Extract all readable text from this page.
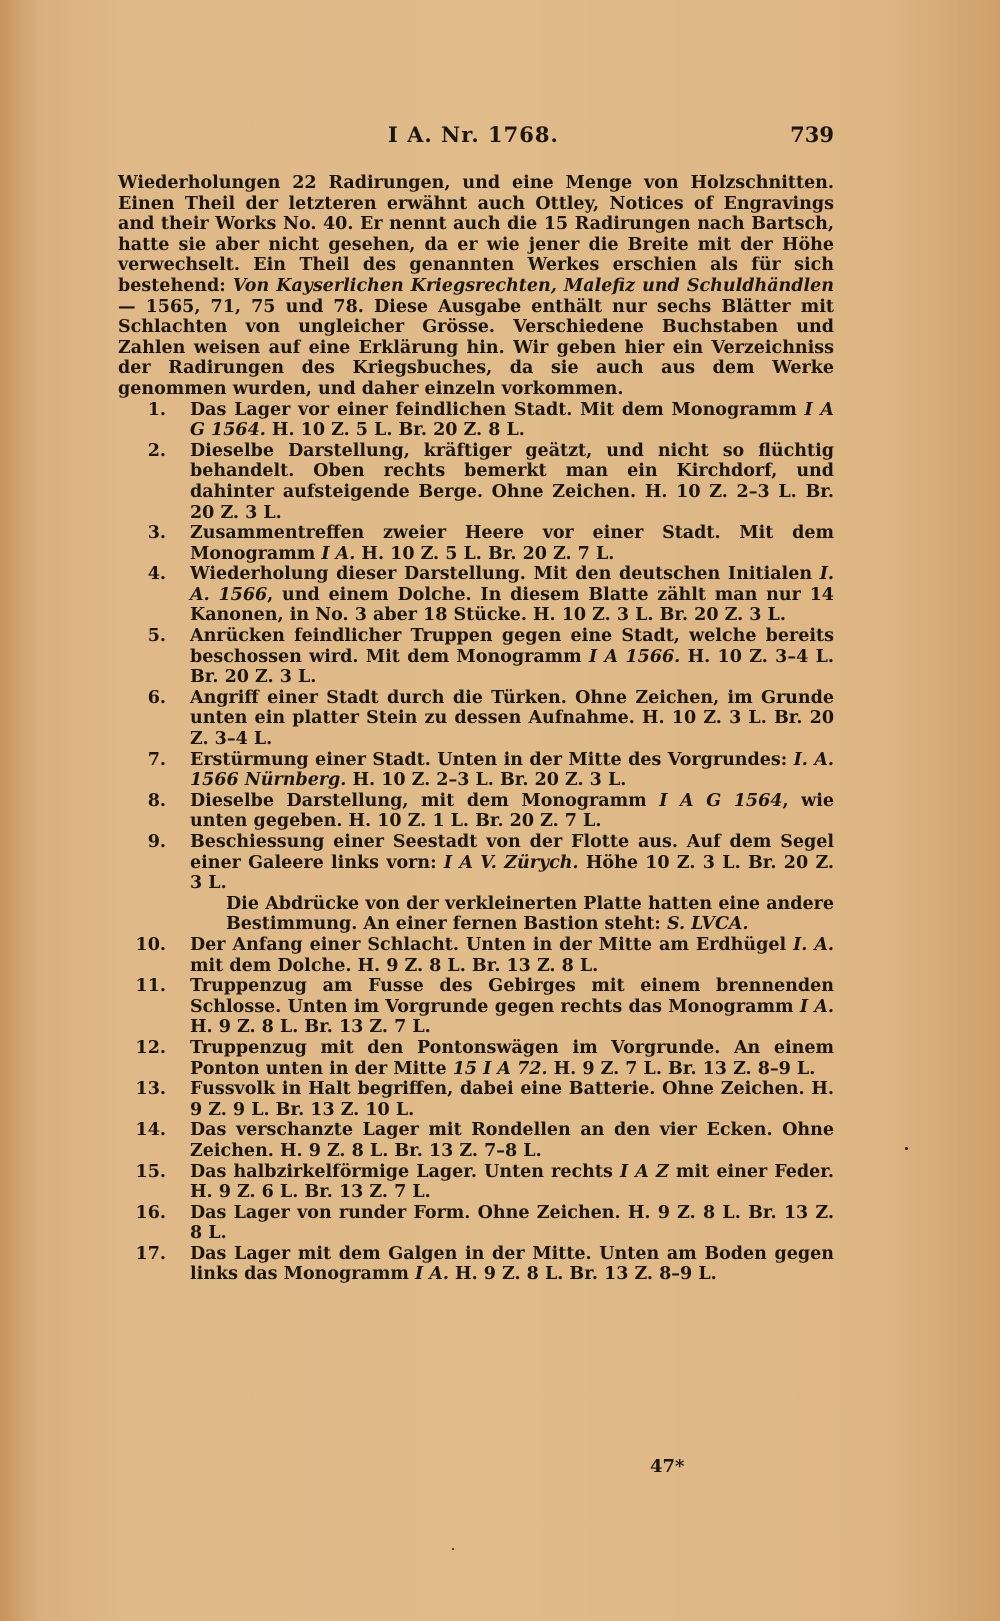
I A. Nr. 1768.	739

Wiederholungen 22 Radirungen, und eine Menge von Holzschnitten. Einen Theil der letzteren erwähnt auch Ottley, Notices of Engravings and their Works No. 40. Er nennt auch die 15 Radirungen nach Bartsch, hatte sie aber nicht gesehen, da er wie jener die Breite mit der Höhe verwechselt. Ein Theil des genannten Werkes erschien als für sich bestehend: Von Kayserlichen Kriegsrechten, Malefiz und Schuldhändlen — 1565, 71, 75 und 78. Diese Ausgabe enthält nur sechs Blätter mit Schlachten von ungleicher Grösse. Verschiedene Buchstaben und Zahlen weisen auf eine Erklärung hin. Wir geben hier ein Verzeichniss der Radirungen des Kriegsbuches, da sie auch aus dem Werke genommen wurden, und daher einzeln vorkommen.

1. Das Lager vor einer feindlichen Stadt. Mit dem Monogramm I A G 1564. H. 10 Z. 5 L. Br. 20 Z. 8 L.
2. Dieselbe Darstellung, kräftiger geätzt, und nicht so flüchtig behandelt. Oben rechts bemerkt man ein Kirchdorf, und dahinter aufsteigende Berge. Ohne Zeichen. H. 10 Z. 2–3 L. Br. 20 Z. 3 L.
3. Zusammentreffen zweier Heere vor einer Stadt. Mit dem Monogramm I A. H. 10 Z. 5 L. Br. 20 Z. 7 L.
4. Wiederholung dieser Darstellung. Mit den deutschen Initialen I. A. 1566, und einem Dolche. In diesem Blatte zählt man nur 14 Kanonen, in No. 3 aber 18 Stücke. H. 10 Z. 3 L. Br. 20 Z. 3 L.
5. Anrücken feindlicher Truppen gegen eine Stadt, welche bereits beschossen wird. Mit dem Monogramm I A 1566. H. 10 Z. 3–4 L. Br. 20 Z. 3 L.
6. Angriff einer Stadt durch die Türken. Ohne Zeichen, im Grunde unten ein platter Stein zu dessen Aufnahme. H. 10 Z. 3 L. Br. 20 Z. 3–4 L.
7. Erstürmung einer Stadt. Unten in der Mitte des Vorgrundes: I. A. 1566 Nürnberg. H. 10 Z. 2–3 L. Br. 20 Z. 3 L.
8. Dieselbe Darstellung, mit dem Monogramm I A G 1564, wie unten gegeben. H. 10 Z. 1 L. Br. 20 Z. 7 L.
9. Beschiessung einer Seestadt von der Flotte aus. Auf dem Segel einer Galeere links vorn: I A V. Zürych. Höhe 10 Z. 3 L. Br. 20 Z. 3 L.
Die Abdrücke von der verkleinerten Platte hatten eine andere Bestimmung. An einer fernen Bastion steht: S. LVCA.
10. Der Anfang einer Schlacht. Unten in der Mitte am Erdhügel I. A. mit dem Dolche. H. 9 Z. 8 L. Br. 13 Z. 8 L.
11. Truppenzug am Fusse des Gebirges mit einem brennenden Schlosse. Unten im Vorgrunde gegen rechts das Monogramm I A. H. 9 Z. 8 L. Br. 13 Z. 7 L.
12. Truppenzug mit den Pontonswägen im Vorgrunde. An einem Ponton unten in der Mitte 15 I A 72. H. 9 Z. 7 L. Br. 13 Z. 8–9 L.
13. Fussvolk in Halt begriffen, dabei eine Batterie. Ohne Zeichen. H. 9 Z. 9 L. Br. 13 Z. 10 L.
14. Das verschanzte Lager mit Rondellen an den vier Ecken. Ohne Zeichen. H. 9 Z. 8 L. Br. 13 Z. 7–8 L.
15. Das halbzirkelförmige Lager. Unten rechts I A Z mit einer Feder. H. 9 Z. 6 L. Br. 13 Z. 7 L.
16. Das Lager von runder Form. Ohne Zeichen. H. 9 Z. 8 L. Br. 13 Z. 8 L.
17. Das Lager mit dem Galgen in der Mitte. Unten am Boden gegen links das Monogramm I A. H. 9 Z. 8 L. Br. 13 Z. 8–9 L.
47*
